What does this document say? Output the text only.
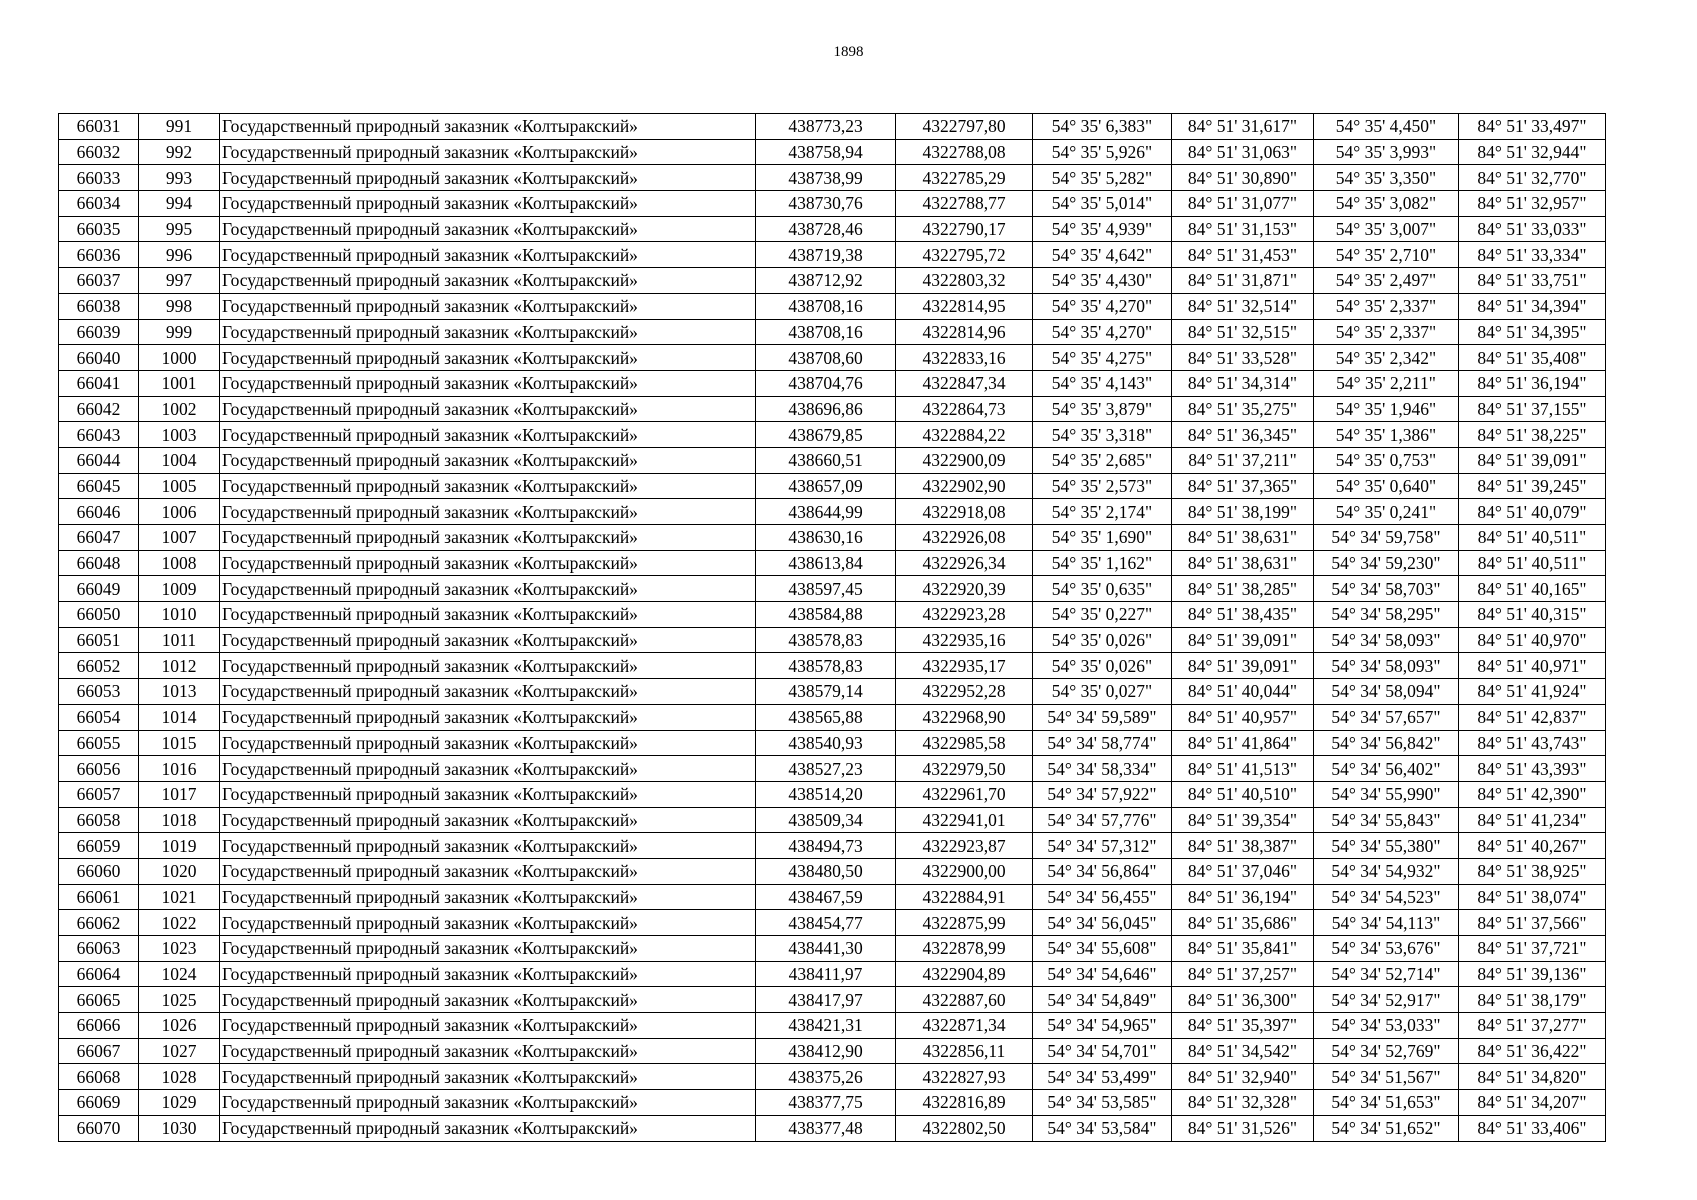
1898
66031	991	Государственный природный заказник «Колтыракский»	438773,23	4322797,80	54° 35' 6,383"	84° 51' 31,617"	54° 35' 4,450"	84° 51' 33,497"
66032	992	Государственный природный заказник «Колтыракский»	438758,94	4322788,08	54° 35' 5,926"	84° 51' 31,063"	54° 35' 3,993"	84° 51' 32,944"
66033	993	Государственный природный заказник «Колтыракский»	438738,99	4322785,29	54° 35' 5,282"	84° 51' 30,890"	54° 35' 3,350"	84° 51' 32,770"
66034	994	Государственный природный заказник «Колтыракский»	438730,76	4322788,77	54° 35' 5,014"	84° 51' 31,077"	54° 35' 3,082"	84° 51' 32,957"
66035	995	Государственный природный заказник «Колтыракский»	438728,46	4322790,17	54° 35' 4,939"	84° 51' 31,153"	54° 35' 3,007"	84° 51' 33,033"
66036	996	Государственный природный заказник «Колтыракский»	438719,38	4322795,72	54° 35' 4,642"	84° 51' 31,453"	54° 35' 2,710"	84° 51' 33,334"
66037	997	Государственный природный заказник «Колтыракский»	438712,92	4322803,32	54° 35' 4,430"	84° 51' 31,871"	54° 35' 2,497"	84° 51' 33,751"
66038	998	Государственный природный заказник «Колтыракский»	438708,16	4322814,95	54° 35' 4,270"	84° 51' 32,514"	54° 35' 2,337"	84° 51' 34,394"
66039	999	Государственный природный заказник «Колтыракский»	438708,16	4322814,96	54° 35' 4,270"	84° 51' 32,515"	54° 35' 2,337"	84° 51' 34,395"
66040	1000	Государственный природный заказник «Колтыракский»	438708,60	4322833,16	54° 35' 4,275"	84° 51' 33,528"	54° 35' 2,342"	84° 51' 35,408"
66041	1001	Государственный природный заказник «Колтыракский»	438704,76	4322847,34	54° 35' 4,143"	84° 51' 34,314"	54° 35' 2,211"	84° 51' 36,194"
66042	1002	Государственный природный заказник «Колтыракский»	438696,86	4322864,73	54° 35' 3,879"	84° 51' 35,275"	54° 35' 1,946"	84° 51' 37,155"
66043	1003	Государственный природный заказник «Колтыракский»	438679,85	4322884,22	54° 35' 3,318"	84° 51' 36,345"	54° 35' 1,386"	84° 51' 38,225"
66044	1004	Государственный природный заказник «Колтыракский»	438660,51	4322900,09	54° 35' 2,685"	84° 51' 37,211"	54° 35' 0,753"	84° 51' 39,091"
66045	1005	Государственный природный заказник «Колтыракский»	438657,09	4322902,90	54° 35' 2,573"	84° 51' 37,365"	54° 35' 0,640"	84° 51' 39,245"
66046	1006	Государственный природный заказник «Колтыракский»	438644,99	4322918,08	54° 35' 2,174"	84° 51' 38,199"	54° 35' 0,241"	84° 51' 40,079"
66047	1007	Государственный природный заказник «Колтыракский»	438630,16	4322926,08	54° 35' 1,690"	84° 51' 38,631"	54° 34' 59,758"	84° 51' 40,511"
66048	1008	Государственный природный заказник «Колтыракский»	438613,84	4322926,34	54° 35' 1,162"	84° 51' 38,631"	54° 34' 59,230"	84° 51' 40,511"
66049	1009	Государственный природный заказник «Колтыракский»	438597,45	4322920,39	54° 35' 0,635"	84° 51' 38,285"	54° 34' 58,703"	84° 51' 40,165"
66050	1010	Государственный природный заказник «Колтыракский»	438584,88	4322923,28	54° 35' 0,227"	84° 51' 38,435"	54° 34' 58,295"	84° 51' 40,315"
66051	1011	Государственный природный заказник «Колтыракский»	438578,83	4322935,16	54° 35' 0,026"	84° 51' 39,091"	54° 34' 58,093"	84° 51' 40,970"
66052	1012	Государственный природный заказник «Колтыракский»	438578,83	4322935,17	54° 35' 0,026"	84° 51' 39,091"	54° 34' 58,093"	84° 51' 40,971"
66053	1013	Государственный природный заказник «Колтыракский»	438579,14	4322952,28	54° 35' 0,027"	84° 51' 40,044"	54° 34' 58,094"	84° 51' 41,924"
66054	1014	Государственный природный заказник «Колтыракский»	438565,88	4322968,90	54° 34' 59,589"	84° 51' 40,957"	54° 34' 57,657"	84° 51' 42,837"
66055	1015	Государственный природный заказник «Колтыракский»	438540,93	4322985,58	54° 34' 58,774"	84° 51' 41,864"	54° 34' 56,842"	84° 51' 43,743"
66056	1016	Государственный природный заказник «Колтыракский»	438527,23	4322979,50	54° 34' 58,334"	84° 51' 41,513"	54° 34' 56,402"	84° 51' 43,393"
66057	1017	Государственный природный заказник «Колтыракский»	438514,20	4322961,70	54° 34' 57,922"	84° 51' 40,510"	54° 34' 55,990"	84° 51' 42,390"
66058	1018	Государственный природный заказник «Колтыракский»	438509,34	4322941,01	54° 34' 57,776"	84° 51' 39,354"	54° 34' 55,843"	84° 51' 41,234"
66059	1019	Государственный природный заказник «Колтыракский»	438494,73	4322923,87	54° 34' 57,312"	84° 51' 38,387"	54° 34' 55,380"	84° 51' 40,267"
66060	1020	Государственный природный заказник «Колтыракский»	438480,50	4322900,00	54° 34' 56,864"	84° 51' 37,046"	54° 34' 54,932"	84° 51' 38,925"
66061	1021	Государственный природный заказник «Колтыракский»	438467,59	4322884,91	54° 34' 56,455"	84° 51' 36,194"	54° 34' 54,523"	84° 51' 38,074"
66062	1022	Государственный природный заказник «Колтыракский»	438454,77	4322875,99	54° 34' 56,045"	84° 51' 35,686"	54° 34' 54,113"	84° 51' 37,566"
66063	1023	Государственный природный заказник «Колтыракский»	438441,30	4322878,99	54° 34' 55,608"	84° 51' 35,841"	54° 34' 53,676"	84° 51' 37,721"
66064	1024	Государственный природный заказник «Колтыракский»	438411,97	4322904,89	54° 34' 54,646"	84° 51' 37,257"	54° 34' 52,714"	84° 51' 39,136"
66065	1025	Государственный природный заказник «Колтыракский»	438417,97	4322887,60	54° 34' 54,849"	84° 51' 36,300"	54° 34' 52,917"	84° 51' 38,179"
66066	1026	Государственный природный заказник «Колтыракский»	438421,31	4322871,34	54° 34' 54,965"	84° 51' 35,397"	54° 34' 53,033"	84° 51' 37,277"
66067	1027	Государственный природный заказник «Колтыракский»	438412,90	4322856,11	54° 34' 54,701"	84° 51' 34,542"	54° 34' 52,769"	84° 51' 36,422"
66068	1028	Государственный природный заказник «Колтыракский»	438375,26	4322827,93	54° 34' 53,499"	84° 51' 32,940"	54° 34' 51,567"	84° 51' 34,820"
66069	1029	Государственный природный заказник «Колтыракский»	438377,75	4322816,89	54° 34' 53,585"	84° 51' 32,328"	54° 34' 51,653"	84° 51' 34,207"
66070	1030	Государственный природный заказник «Колтыракский»	438377,48	4322802,50	54° 34' 53,584"	84° 51' 31,526"	54° 34' 51,652"	84° 51' 33,406"
